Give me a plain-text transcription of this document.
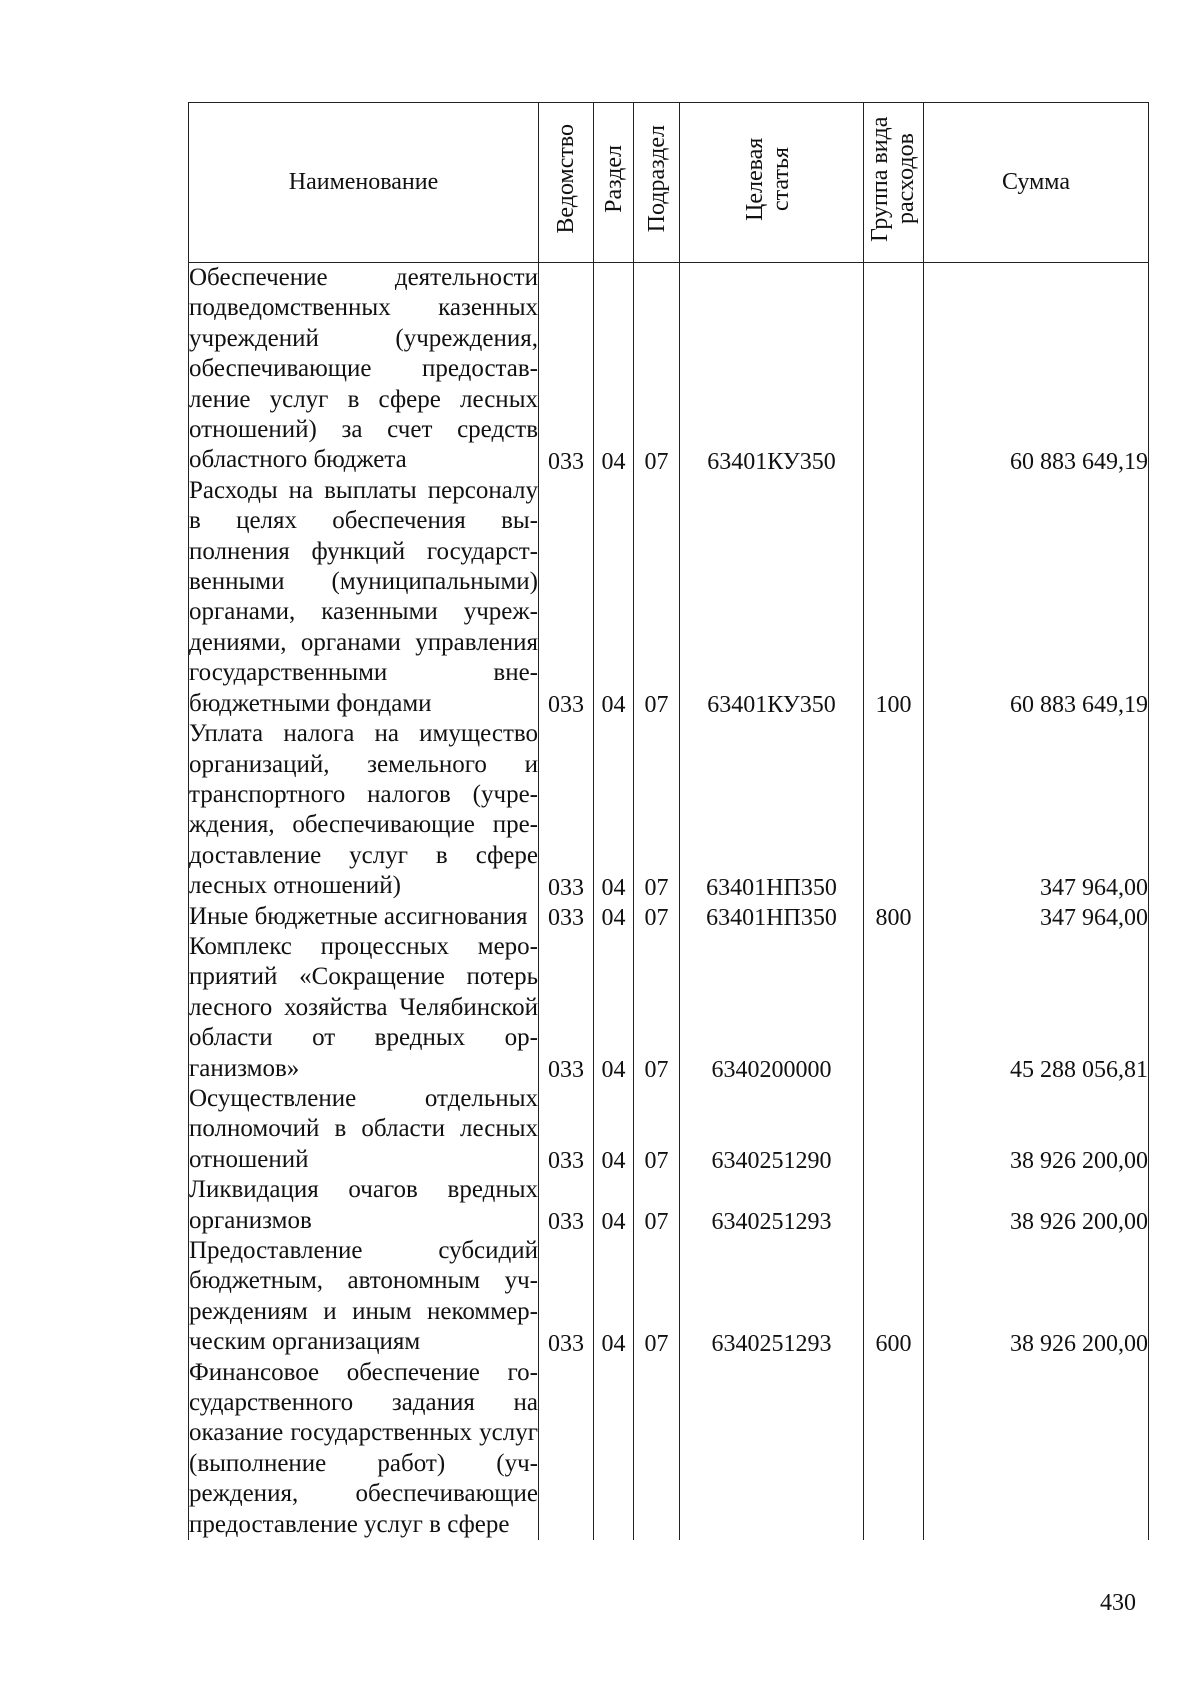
Наименование	Ведомство	Раздел	Подраздел	Целевая статья	Группа вида расходов	Сумма
Обеспечение деятельности подведомственных казенных учреждений (учреждения, обеспечивающие предоставление услуг в сфере лесных отношений) за счет средств областного бюджета	033	04	07	63401КУ350		60 883 649,19
Расходы на выплаты персоналу в целях обеспечения выполнения функций государственными (муниципальными) органами, казенными учреждениями, органами управления государственными внебюджетными фондами	033	04	07	63401КУ350	100	60 883 649,19
Уплата налога на имущество организаций, земельного и транспортного налогов (учреждения, обеспечивающие предоставление услуг в сфере лесных отношений)	033	04	07	63401НП350		347 964,00
Иные бюджетные ассигнования	033	04	07	63401НП350	800	347 964,00
Комплекс процессных мероприятий «Сокращение потерь лесного хозяйства Челябинской области от вредных организмов»	033	04	07	6340200000		45 288 056,81
Осуществление отдельных полномочий в области лесных отношений	033	04	07	6340251290		38 926 200,00
Ликвидация очагов вредных организмов	033	04	07	6340251293		38 926 200,00
Предоставление субсидий бюджетным, автономным учреждениям и иным некоммерческим организациям	033	04	07	6340251293	600	38 926 200,00
Финансовое обеспечение государственного задания на оказание государственных услуг (выполнение работ) (учреждения, обеспечивающие предоставление услуг в сфере						
430
